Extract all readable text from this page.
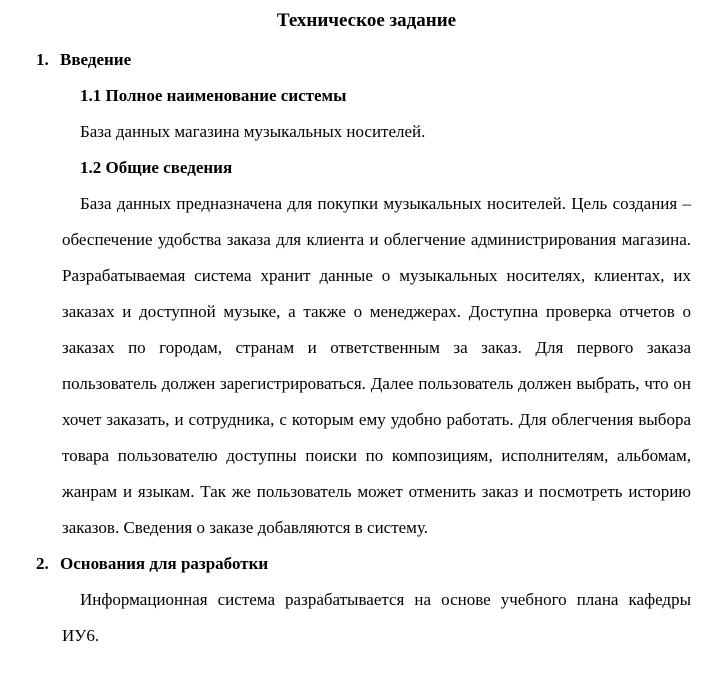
Техническое задание
1. Введение
1.1 Полное наименование системы

База данных магазина музыкальных носителей.

1.2 Общие сведения

База данных предназначена для покупки музыкальных носителей. Цель создания – обеспечение удобства заказа для клиента и облегчение администрирования магазина. Разрабатываемая система хранит данные о музыкальных носителях, клиентах, их заказах и доступной музыке, а также о менеджерах. Доступна проверка отчетов о заказах по городам, странам и ответственным за заказ. Для первого заказа пользователь должен зарегистрироваться. Далее пользователь должен выбрать, что он хочет заказать, и сотрудника, с которым ему удобно работать. Для облегчения выбора товара пользователю доступны поиски по композициям, исполнителям, альбомам, жанрам и языкам. Так же пользователь может отменить заказ и посмотреть историю заказов. Сведения о заказе добавляются в систему.

2. Основания для разработки

Информационная система разрабатывается на основе учебного плана кафедры ИУ6.
